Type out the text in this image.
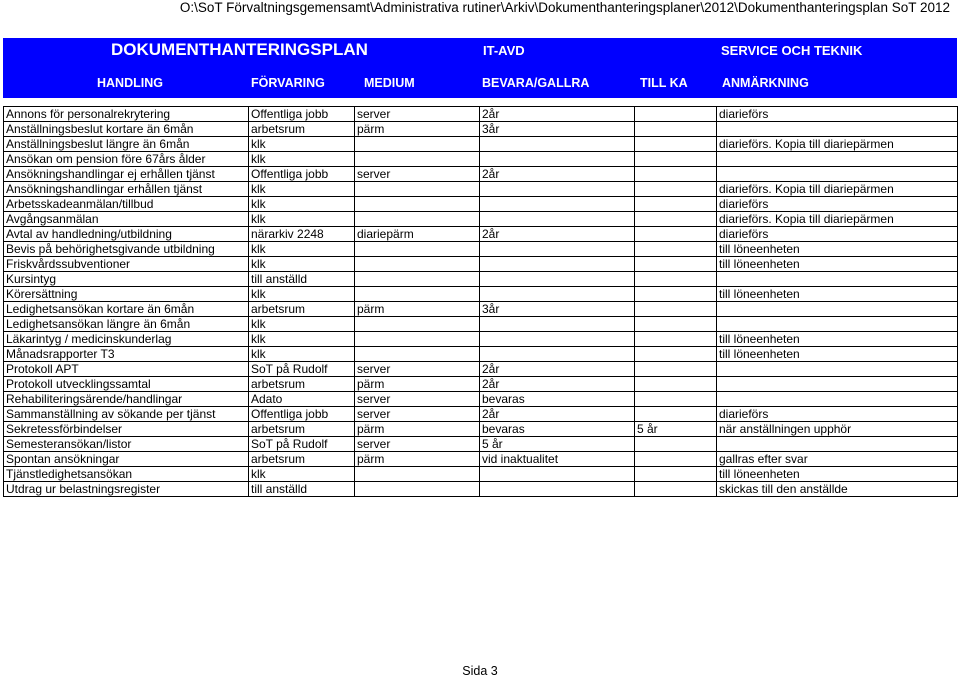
O:\SoT Förvaltningsgemensamt\Administrativa rutiner\Arkiv\Dokumenthanteringsplaner\2012\Dokumenthanteringsplan SoT 2012
DOKUMENTHANTERINGSPLAN	IT-AVD	SERVICE OCH TEKNIK
HANDLING	FÖRVARING	MEDIUM	BEVARA/GALLRA	TILL KA	ANMÄRKNING
Annons för personalrekrytering	Offentliga jobb	server	2år		diarieförs
Anställningsbeslut kortare än 6mån	arbetsrum	pärm	3år		
Anställningsbeslut längre än 6mån	klk				diarieförs. Kopia till diariepärmen
Ansökan om pension före 67års ålder	klk				
Ansökningshandlingar ej erhållen tjänst	Offentliga jobb	server	2år		
Ansökningshandlingar erhållen tjänst	klk				diarieförs. Kopia till diariepärmen
Arbetsskadeanmälan/tillbud	klk				diarieförs
Avgångsanmälan	klk				diarieförs. Kopia till diariepärmen
Avtal av handledning/utbildning	närarkiv 2248	diariepärm	2år		diarieförs
Bevis på behörighetsgivande utbildning	klk				till löneenheten
Friskvårdssubventioner	klk				till löneenheten
Kursintyg	till anställd				
Körersättning	klk				till löneenheten
Ledighetsansökan kortare än 6mån	arbetsrum	pärm	3år		
Ledighetsansökan längre än 6mån	klk				
Läkarintyg / medicinskunderlag	klk				till löneenheten
Månadsrapporter T3	klk				till löneenheten
Protokoll APT	SoT på Rudolf	server	2år		
Protokoll utvecklingssamtal	arbetsrum	pärm	2år		
Rehabiliteringsärende/handlingar	Adato	server	bevaras		
Sammanställning av sökande per tjänst	Offentliga jobb	server	2år		diarieförs
Sekretessförbindelser	arbetsrum	pärm	bevaras	5 år	när anställningen upphör
Semesteransökan/listor	SoT på Rudolf	server	5 år		
Spontan ansökningar	arbetsrum	pärm	vid inaktualitet		gallras efter svar
Tjänstledighetsansökan	klk				till löneenheten
Utdrag ur belastningsregister	till anställd				skickas till den anställde
Sida 3
